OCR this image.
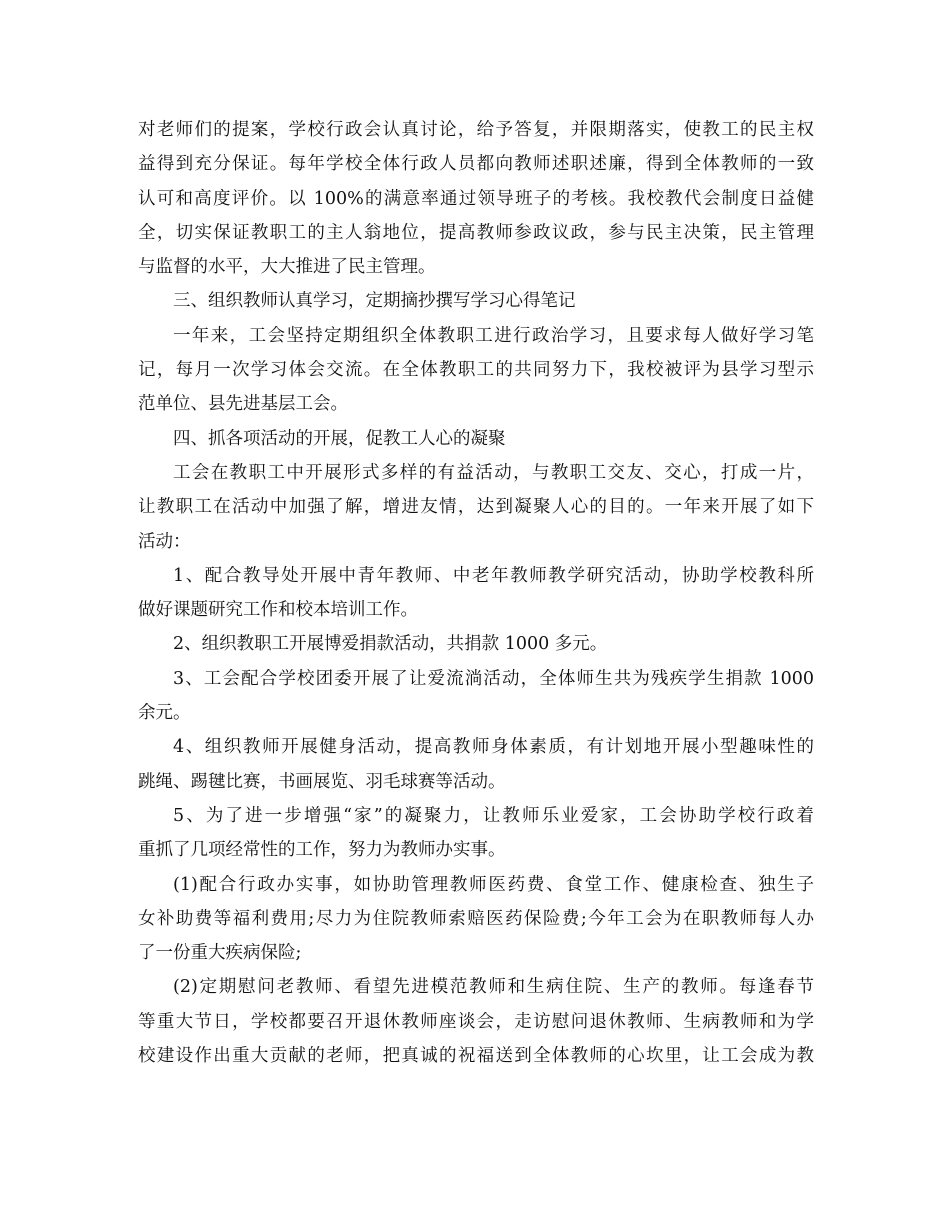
对老师们的提案，学校行政会认真讨论，给予答复，并限期落实，使教工的民主权
益得到充分保证。每年学校全体行政人员都向教师述职述廉，得到全体教师的一致
认可和高度评价。以 100%的满意率通过领导班子的考核。我校教代会制度日益健
全，切实保证教职工的主人翁地位，提高教师参政议政，参与民主决策，民主管理
与监督的水平，大大推进了民主管理。

三、组织教师认真学习，定期摘抄撰写学习心得笔记

一年来，工会坚持定期组织全体教职工进行政治学习，且要求每人做好学习笔
记，每月一次学习体会交流。在全体教职工的共同努力下，我校被评为县学习型示
范单位、县先进基层工会。

四、抓各项活动的开展，促教工人心的凝聚

工会在教职工中开展形式多样的有益活动，与教职工交友、交心，打成一片，
让教职工在活动中加强了解，增进友情，达到凝聚人心的目的。一年来开展了如下
活动：

1、配合教导处开展中青年教师、中老年教师教学研究活动，协助学校教科所
做好课题研究工作和校本培训工作。

2、组织教职工开展博爱捐款活动，共捐款 1000 多元。

3、工会配合学校团委开展了让爱流淌活动，全体师生共为残疾学生捐款 1000
余元。

4、组织教师开展健身活动，提高教师身体素质，有计划地开展小型趣味性的
跳绳、踢毽比赛，书画展览、羽毛球赛等活动。

5、为了进一步增强“家”的凝聚力，让教师乐业爱家，工会协助学校行政着
重抓了几项经常性的工作，努力为教师办实事。

(1)配合行政办实事，如协助管理教师医药费、食堂工作、健康检查、独生子
女补助费等福利费用;尽力为住院教师索赔医药保险费;今年工会为在职教师每人办
了一份重大疾病保险;

(2)定期慰问老教师、看望先进模范教师和生病住院、生产的教师。每逢春节
等重大节日，学校都要召开退休教师座谈会，走访慰问退休教师、生病教师和为学
校建设作出重大贡献的老师，把真诚的祝福送到全体教师的心坎里，让工会成为教
